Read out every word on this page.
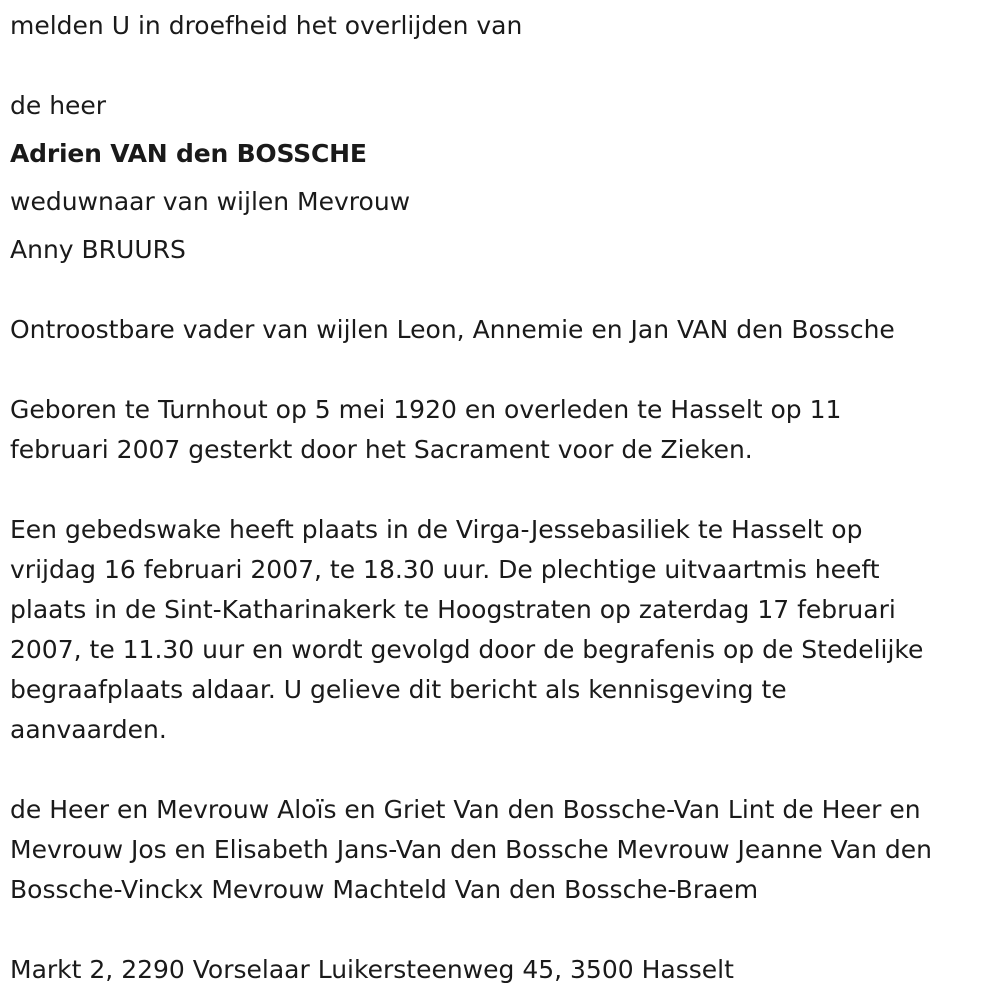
melden U in droefheid het overlijden van
de heer
Adrien VAN den BOSSCHE
weduwnaar van wijlen Mevrouw
Anny BRUURS
Ontroostbare vader van wijlen Leon, Annemie en Jan VAN den Bossche
Geboren te Turnhout op 5 mei 1920 en overleden te Hasselt op 11
februari 2007 gesterkt door het Sacrament voor de Zieken.
Een gebedswake heeft plaats in de Virga-Jessebasiliek te Hasselt op
vrijdag 16 februari 2007, te 18.30 uur. De plechtige uitvaartmis heeft
plaats in de Sint-Katharinakerk te Hoogstraten op zaterdag 17 februari
2007, te 11.30 uur en wordt gevolgd door de begrafenis op de Stedelijke
begraafplaats aldaar. U gelieve dit bericht als kennisgeving te
aanvaarden.
de Heer en Mevrouw Aloïs en Griet Van den Bossche-Van Lint de Heer en
Mevrouw Jos en Elisabeth Jans-Van den Bossche Mevrouw Jeanne Van den
Bossche-Vinckx Mevrouw Machteld Van den Bossche-Braem
Markt 2, 2290 Vorselaar Luikersteenweg 45, 3500 Hasselt
